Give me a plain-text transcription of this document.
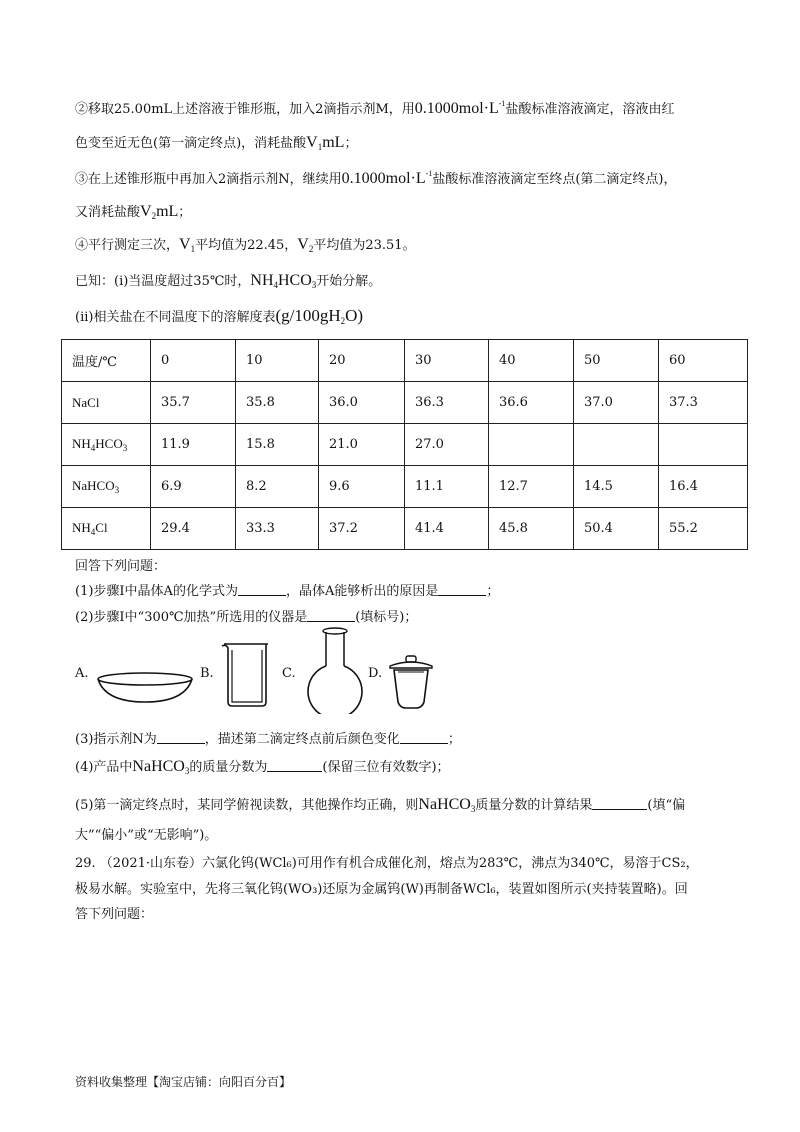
②移取25.00mL上述溶液于锥形瓶，加入2滴指示剂M，用$0.1000mol\cdot L^{-1}$盐酸标准溶液滴定，溶液由红
色变至近无色(第一滴定终点)，消耗盐酸$V_1mL$；
③在上述锥形瓶中再加入2滴指示剂N，继续用$0.1000mol\cdot L^{-1}$盐酸标准溶液滴定至终点(第二滴定终点)，
又消耗盐酸$V_2mL$；
④平行测定三次，$V_1$平均值为22.45，$V_2$平均值为23.51。
已知：(i)当温度超过35℃时，$NH_4HCO_3$开始分解。
(ii)相关盐在不同温度下的溶解度表$(g/100gH_2O)$
温度/℃	0	10	20	30	40	50	60
NaCl	35.7	35.8	36.0	36.3	36.6	37.0	37.3
$NH_4HCO_3$	11.9	15.8	21.0	27.0			
NaHCO$_3$	6.9	8.2	9.6	11.1	12.7	14.5	16.4
$NH_4Cl$	29.4	33.3	37.2	41.4	45.8	50.4	55.2
回答下列问题：
(1)步骤Ⅰ中晶体A的化学式为	，晶体A能够析出的原因是	；
(2)步骤Ⅰ中“300℃加热”所选用的仪器是	(填标号)；
A.	B.	C.	D.
(3)指示剂N为	，描述第二滴定终点前后颜色变化	；
(4)产品中NaHCO$_3$的质量分数为	(保留三位有效数字)；
(5)第一滴定终点时，某同学俯视读数，其他操作均正确，则NaHCO$_3$质量分数的计算结果	(填“偏
大”“偏小”或“无影响”)。
29. （2021·山东卷）六氯化钨(WCl₆)可用作有机合成催化剂，熔点为283℃，沸点为340℃，易溶于CS₂，
极易水解。实验室中，先将三氧化钨(WO₃)还原为金属钨(W)再制备WCl₆，装置如图所示(夹持装置略)。回
答下列问题：
资料收集整理【淘宝店铺：向阳百分百】
